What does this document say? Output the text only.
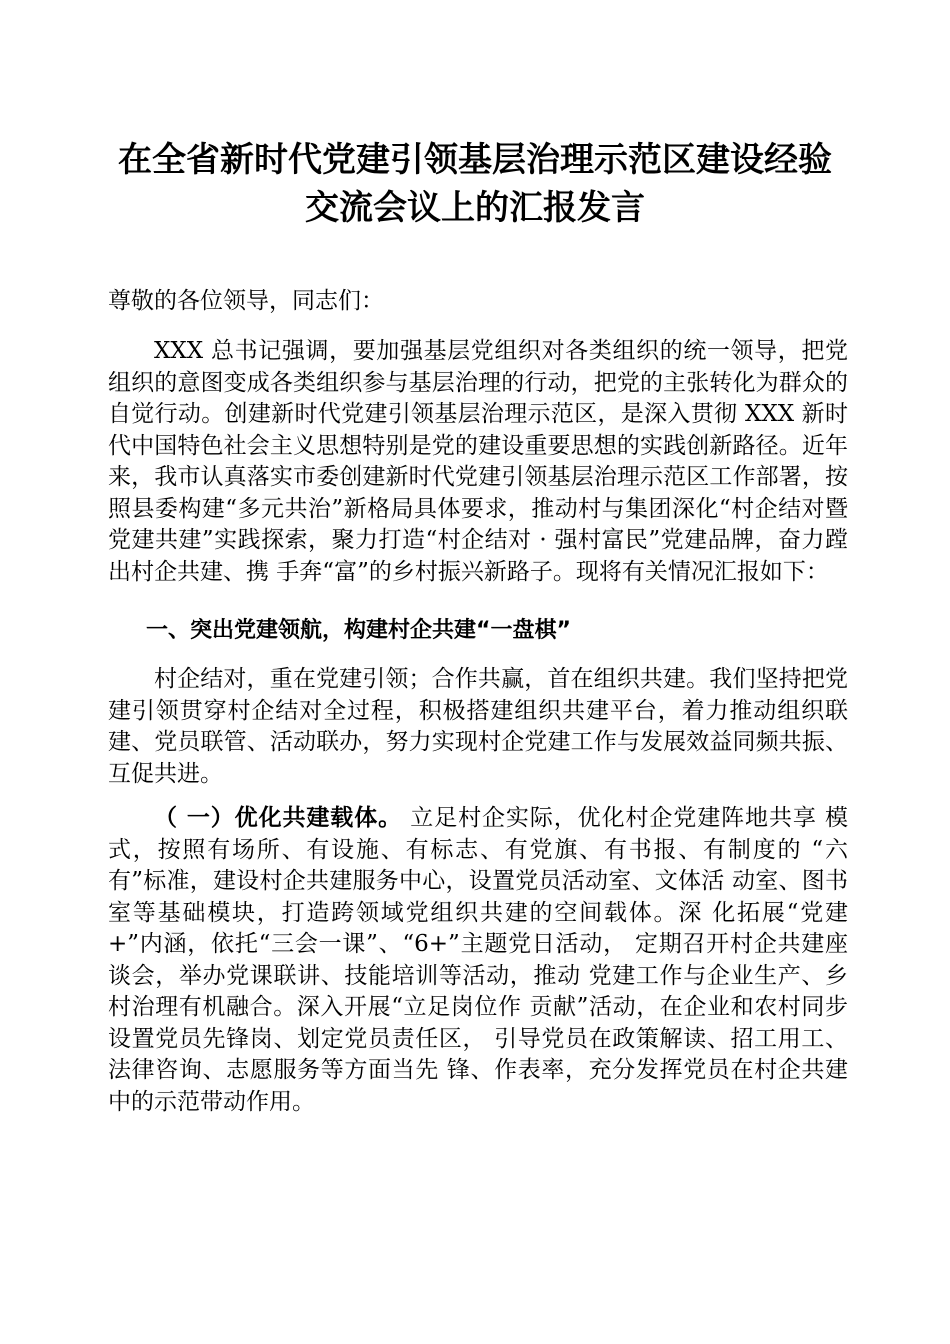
在全省新时代党建引领基层治理示范区建设经验
交流会议上的汇报发言
尊敬的各位领导，同志们：
XXX 总书记强调，要加强基层党组织对各类组织的统一领导，把党组织的意图变成各类组织参与基层治理的行动，把党的主张转化为群众的自觉行动。创建新时代党建引领基层治理示范区，是深入贯彻 XXX 新时代中国特色社会主义思想特别是党的建设重要思想的实践创新路径。近年来，我市认真落实市委创建新时代党建引领基层治理示范区工作部署，按照县委构建“多元共治”新格局具体要求，推动村与集团深化“村企结对暨党建共建”实践探索，聚力打造“村企结对 · 强村富民”党建品牌，奋力蹚出村企共建、携 手奔“富”的乡村振兴新路子。现将有关情况汇报如下：
一、突出党建领航，构建村企共建“一盘棋”
村企结对，重在党建引领；合作共赢，首在组织共建。我们坚持把党建引领贯穿村企结对全过程，积极搭建组织共建平台，着力推动组织联建、党员联管、活动联办，努力实现村企党建工作与发展效益同频共振、互促共进。
（ 一）优化共建载体。 立足村企实际，优化村企党建阵地共享 模式，按照有场所、有设施、有标志、有党旗、有书报、有制度的 “六有”标准，建设村企共建服务中心，设置党员活动室、文体活 动室、图书室等基础模块，打造跨领域党组织共建的空间载体。深 化拓展“党建+”内涵，依托“三会一课”、“6+”主题党日活动， 定期召开村企共建座谈会，举办党课联讲、技能培训等活动，推动 党建工作与企业生产、乡村治理有机融合。深入开展“立足岗位作 贡献”活动，在企业和农村同步设置党员先锋岗、划定党员责任区， 引导党员在政策解读、招工用工、法律咨询、志愿服务等方面当先 锋、作表率，充分发挥党员在村企共建中的示范带动作用。
